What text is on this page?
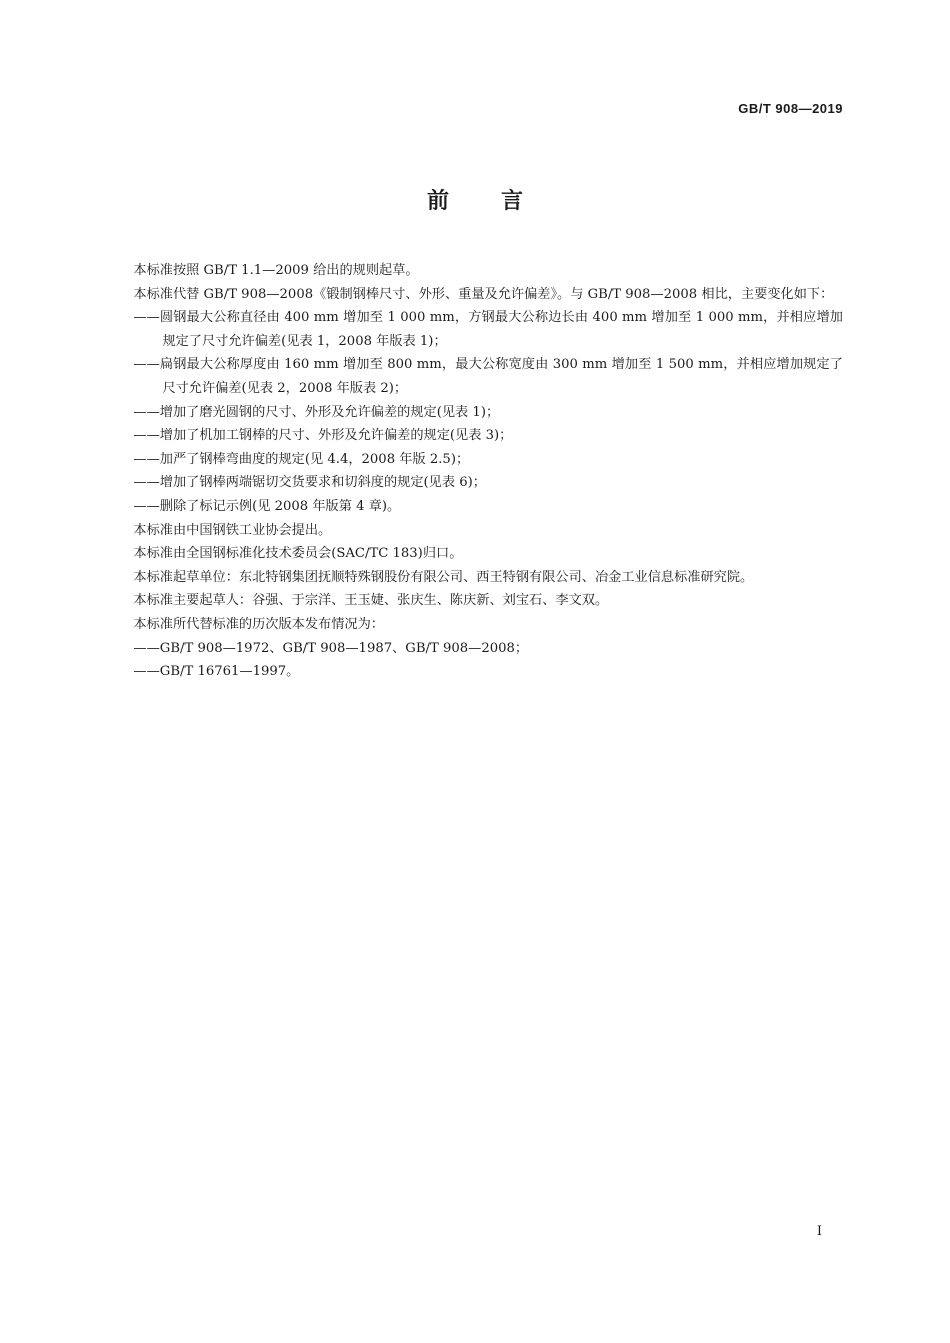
GB/T 908—2019
前言

本标准按照 GB/T 1.1—2009 给出的规则起草。

本标准代替 GB/T 908—2008《锻制钢棒尺寸、外形、重量及允许偏差》。与 GB/T 908—2008 相比，主要变化如下：

——圆钢最大公称直径由 400 mm 增加至 1 000 mm，方钢最大公称边长由 400 mm 增加至 1 000 mm，并相应增加规定了尺寸允许偏差(见表 1，2008 年版表 1)；

——扁钢最大公称厚度由 160 mm 增加至 800 mm，最大公称宽度由 300 mm 增加至 1 500 mm，并相应增加规定了尺寸允许偏差(见表 2，2008 年版表 2)；

——增加了磨光圆钢的尺寸、外形及允许偏差的规定(见表 1)；

——增加了机加工钢棒的尺寸、外形及允许偏差的规定(见表 3)；

——加严了钢棒弯曲度的规定(见 4.4，2008 年版 2.5)；

——增加了钢棒两端锯切交货要求和切斜度的规定(见表 6)；

——删除了标记示例(见 2008 年版第 4 章)。

本标准由中国钢铁工业协会提出。

本标准由全国钢标准化技术委员会(SAC/TC 183)归口。

本标准起草单位：东北特钢集团抚顺特殊钢股份有限公司、西王特钢有限公司、冶金工业信息标准研究院。

本标准主要起草人：谷强、于宗洋、王玉婕、张庆生、陈庆新、刘宝石、李文双。

本标准所代替标准的历次版本发布情况为：

——GB/T 908—1972、GB/T 908—1987、GB/T 908—2008；

——GB/T 16761—1997。

I
